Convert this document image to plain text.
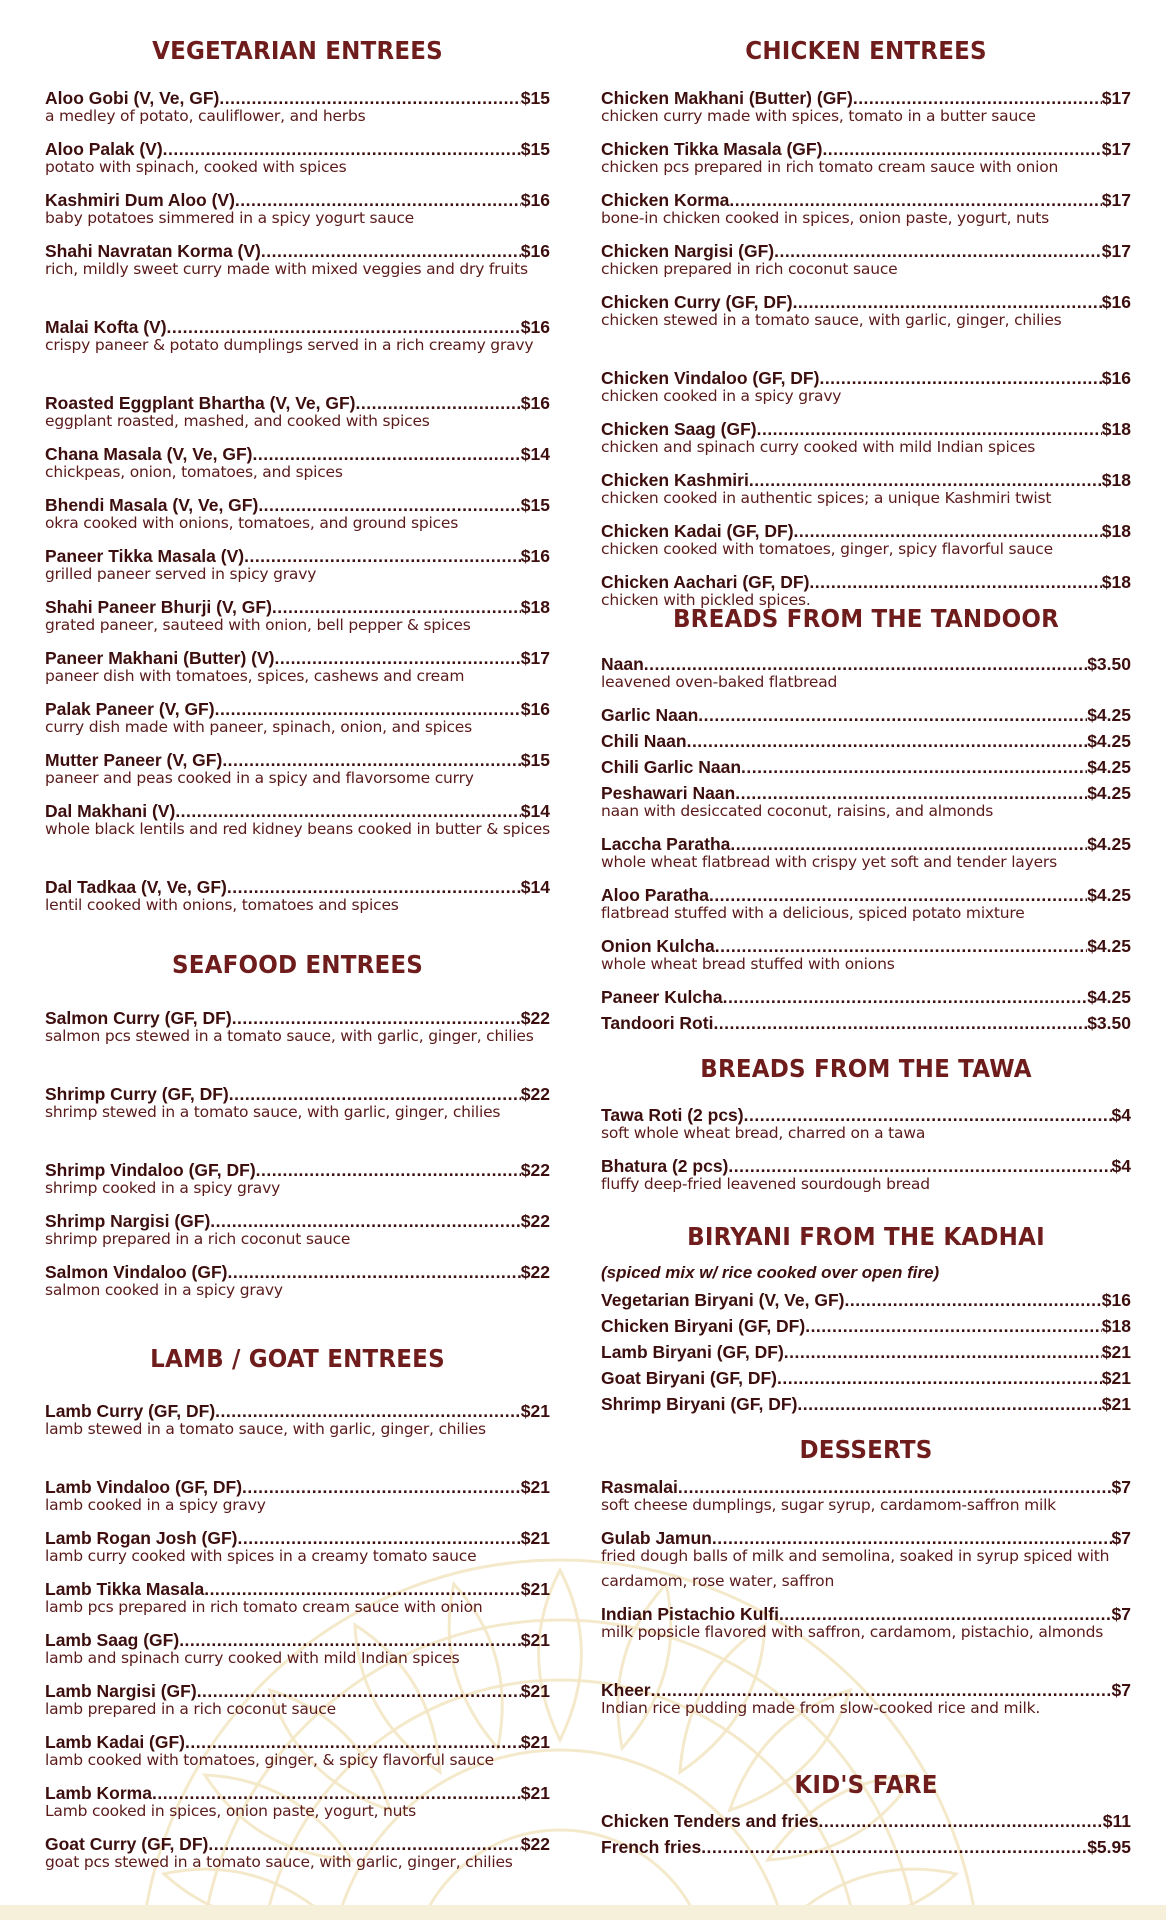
VEGETARIAN ENTREES
SEAFOOD ENTREES
LAMB / GOAT ENTREES
Aloo Gobi (V, Ve, GF) .....	$15
a medley of potato, cauliflower, and herbs
Aloo Palak (V) .....	$15
potato with spinach, cooked with spices
Kashmiri Dum Aloo (V) .....	$16
baby potatoes simmered in a spicy yogurt sauce
Shahi Navratan Korma (V) .....	$16
rich, mildly sweet curry made with mixed veggies and dry fruits
Malai Kofta (V) .....	$16
crispy paneer & potato dumplings served in a rich creamy gravy
Roasted Eggplant Bhartha (V, Ve, GF) .....	$16
eggplant roasted, mashed, and cooked with spices
Chana Masala (V, Ve, GF) .....	$14
chickpeas, onion, tomatoes, and spices
Bhendi Masala (V, Ve, GF) .....	$15
okra cooked with onions, tomatoes, and ground spices
Paneer Tikka Masala (V) .....	$16
grilled paneer served in spicy gravy
Shahi Paneer Bhurji (V, GF) .....	$18
grated paneer, sauteed with onion, bell pepper & spices
Paneer Makhani (Butter) (V) .....	$17
paneer dish with tomatoes, spices, cashews and cream
Palak Paneer (V, GF) .....	$16
curry dish made with paneer, spinach, onion, and spices
Mutter Paneer (V, GF) .....	$15
paneer and peas cooked in a spicy and flavorsome curry
Dal Makhani (V) .....	$14
whole black lentils and red kidney beans cooked in butter & spices
Dal Tadkaa (V, Ve, GF) .....	$14
lentil cooked with onions, tomatoes and spices
Salmon Curry (GF, DF) .....	$22
salmon pcs stewed in a tomato sauce, with garlic, ginger, chilies
Shrimp Curry (GF, DF) .....	$22
shrimp stewed in a tomato sauce, with garlic, ginger, chilies
Shrimp Vindaloo (GF, DF) .....	$22
shrimp cooked in a spicy gravy
Shrimp Nargisi (GF) .....	$22
shrimp prepared in a rich coconut sauce
Salmon Vindaloo (GF) .....	$22
salmon cooked in a spicy gravy
Lamb Curry (GF, DF) .....	$21
lamb stewed in a tomato sauce, with garlic, ginger, chilies
Lamb Vindaloo (GF, DF) .....	$21
lamb cooked in a spicy gravy
Lamb Rogan Josh (GF) .....	$21
lamb curry cooked with spices in a creamy tomato sauce
Lamb Tikka Masala .....	$21
lamb pcs prepared in rich tomato cream sauce with onion
Lamb Saag (GF) .....	$21
lamb and spinach curry cooked with mild Indian spices
Lamb Nargisi (GF) .....	$21
lamb prepared in a rich coconut sauce
Lamb Kadai (GF) .....	$21
lamb cooked with tomatoes, ginger, & spicy flavorful sauce
Lamb Korma .....	$21
Lamb cooked in spices, onion paste, yogurt, nuts
Goat Curry (GF, DF) .....	$22
goat pcs stewed in a tomato sauce, with garlic, ginger, chilies
CHICKEN ENTREES
BREADS FROM THE TANDOOR
BREADS FROM THE TAWA
BIRYANI FROM THE KADHAI
(spiced mix w/ rice cooked over open fire)
DESSERTS
KID'S FARE
Chicken Makhani (Butter) (GF) .....	$17
chicken curry made with spices, tomato in a butter sauce
Chicken Tikka Masala (GF) .....	$17
chicken pcs prepared in rich tomato cream sauce with onion
Chicken Korma .....	$17
bone-in chicken cooked in spices, onion paste, yogurt, nuts
Chicken Nargisi (GF) .....	$17
chicken prepared in rich coconut sauce
Chicken Curry (GF, DF) .....	$16
chicken stewed in a tomato sauce, with garlic, ginger, chilies
Chicken Vindaloo (GF, DF) .....	$16
chicken cooked in a spicy gravy
Chicken Saag (GF) .....	$18
chicken and spinach curry cooked with mild Indian spices
Chicken Kashmiri .....	$18
chicken cooked in authentic spices; a unique Kashmiri twist
Chicken Kadai (GF, DF) .....	$18
chicken cooked with tomatoes, ginger, spicy flavorful sauce
Chicken Aachari (GF, DF) .....	$18
chicken with pickled spices.
Naan .....	$3.50
leavened oven-baked flatbread
Garlic Naan .....	$4.25
Chili Naan .....	$4.25
Chili Garlic Naan .....	$4.25
Peshawari Naan .....	$4.25
naan with desiccated coconut, raisins, and almonds
Laccha Paratha .....	$4.25
whole wheat flatbread with crispy yet soft and tender layers
Aloo Paratha .....	$4.25
flatbread stuffed with a delicious, spiced potato mixture
Onion Kulcha .....	$4.25
whole wheat bread stuffed with onions
Paneer Kulcha .....	$4.25
Tandoori Roti .....	$3.50
Tawa Roti (2 pcs) .....	$4
soft whole wheat bread, charred on a tawa
Bhatura (2 pcs) .....	$4
fluffy deep-fried leavened sourdough bread
Vegetarian Biryani (V, Ve, GF) .....	$16
Chicken Biryani (GF, DF) .....	$18
Lamb Biryani (GF, DF) .....	$21
Goat Biryani (GF, DF) .....	$21
Shrimp Biryani (GF, DF) .....	$21
Rasmalai .....	$7
soft cheese dumplings, sugar syrup, cardamom-saffron milk
Gulab Jamun .....	$7
fried dough balls of milk and semolina, soaked in syrup spiced with cardamom, rose water, saffron
Indian Pistachio Kulfi .....	$7
milk popsicle flavored with saffron, cardamom, pistachio, almonds
Kheer .....	$7
Indian rice pudding made from slow-cooked rice and milk.
Chicken Tenders and fries .....	$11
French fries .....	$5.95
